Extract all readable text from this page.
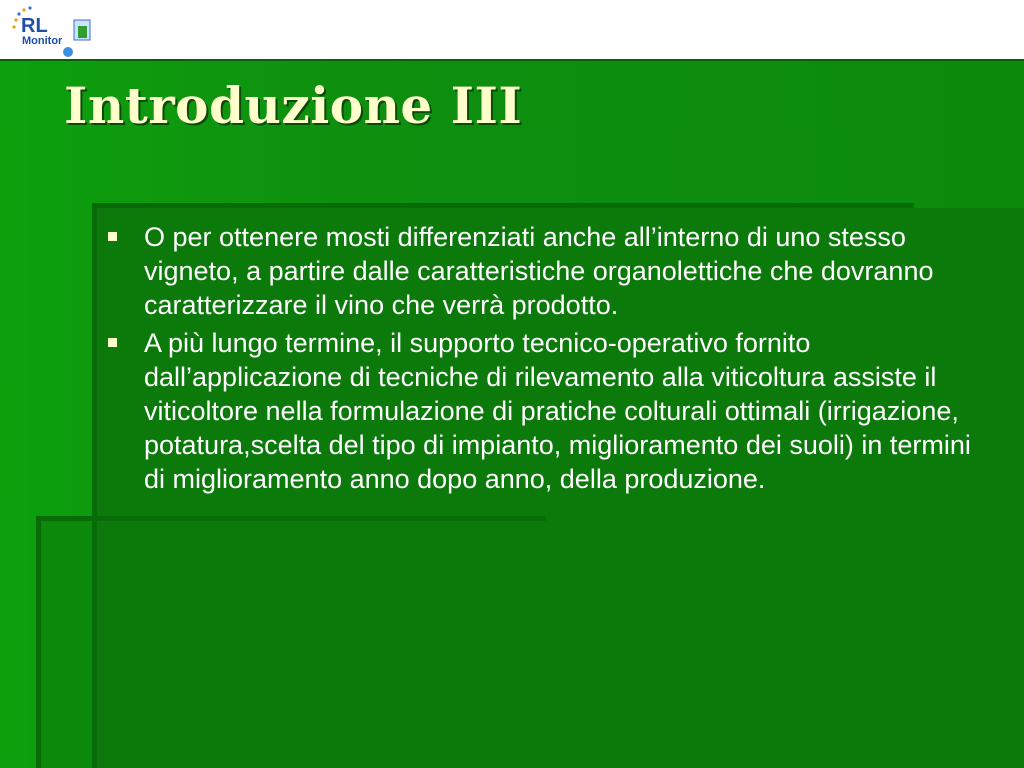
RL
Monitor
Introduzione III
O per ottenere mosti differenziati anche all’interno di uno stesso vigneto, a partire dalle caratteristiche organolettiche che dovranno caratterizzare il vino che verrà prodotto.
A più lungo termine, il supporto tecnico-operativo fornito dall’applicazione di tecniche di rilevamento alla viticoltura assiste il viticoltore nella formulazione di pratiche colturali ottimali (irrigazione, potatura,scelta del tipo di impianto, miglioramento dei suoli) in termini di miglioramento anno dopo anno, della produzione.
